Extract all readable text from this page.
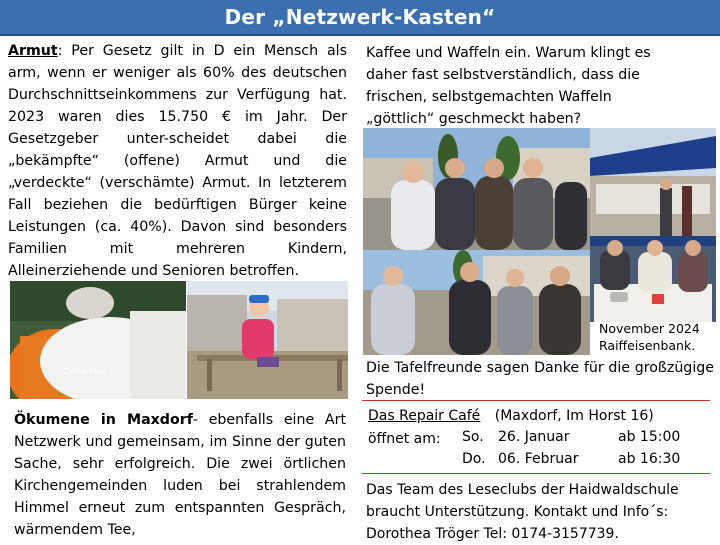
Der „Netzwerk-Kasten“
Armut: Per Gesetz gilt in D ein Mensch als arm, wenn er weniger als 60% des deutschen Durchschnittseinkommens zur Verfügung hat. 2023 waren dies 15.750 € im Jahr. Der Gesetzgeber unter-scheidet dabei die „bekämpfte“ (offene) Armut und die „verdeckte“ (verschämte) Armut. In letzterem Fall beziehen die bedürftigen Bürger keine Leistungen (ca. 40%). Davon sind besonders Familien mit mehreren Kindern, Alleinerziehende und Senioren betroffen.
Dabei rein
Ökumene in Maxdorf- ebenfalls eine Art Netzwerk und gemeinsam, im Sinne der guten Sache, sehr erfolgreich. Die zwei örtlichen Kirchengemeinden luden bei strahlendem Himmel erneut zum entspannten Gespräch, wärmendem Tee,
Kaffee und Waffeln ein. Warum klingt es daher fast selbstverständlich, dass die frischen, selbstgemachten Waffeln „göttlich“ geschmeckt haben?
November 2024
Raiffeisenbank.
Die Tafelfreunde sagen Danke für die großzügige Spende!
Das Repair Café (Maxdorf, Im Horst 16)
öffnet am: So. 26. Januar	ab 15:00
Do. 06. Februar	ab 16:30
Das Team des Leseclubs der Haidwaldschule
braucht Unterstützung. Kontakt und Info´s:
Dorothea Tröger Tel: 0174-3157739.
